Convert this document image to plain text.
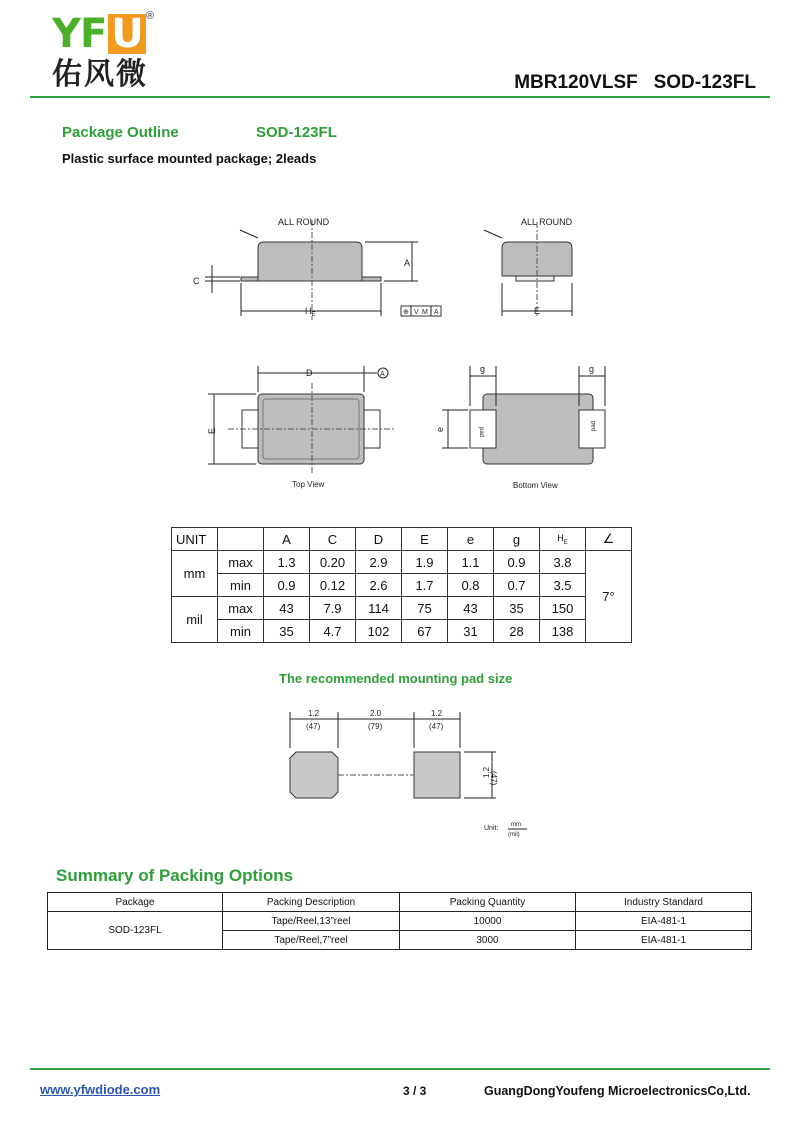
YF U ®
佑风微	MBR120VLSF SOD-123FL
Package Outline	SOD-123FL
Plastic surface mounted package; 2leads
ALL ROUND
A
C
$H_E$	⊕ V M A
ALL ROUND
E
D	A
E
Top View
pad
pad
g	g
e
Bottom View
1.2
(47)
2.0
(79)
1.2
(47)
1.2
(47)
Unit: mm
(mil)
UNIT		A	C	D	E	e	g	$H_E$	∠
mm	max	1.3	0.20	2.9	1.9	1.1	0.9	3.8	7°
	min	0.9	0.12	2.6	1.7	0.8	0.7	3.5	
mil	max	43	7.9	114	75	43	35	150	
	min	35	4.7	102	67	31	28	138	
The recommended mounting pad size
Summary of Packing Options
Package	Packing Description	Packing Quantity	Industry Standard
SOD-123FL	Tape/Reel,13”reel	10000	EIA-481-1
	Tape/Reel,7”reel	3000	EIA-481-1
www.yfwdiode.com	3 / 3	GuangDongYoufeng MicroelectronicsCo,Ltd.
